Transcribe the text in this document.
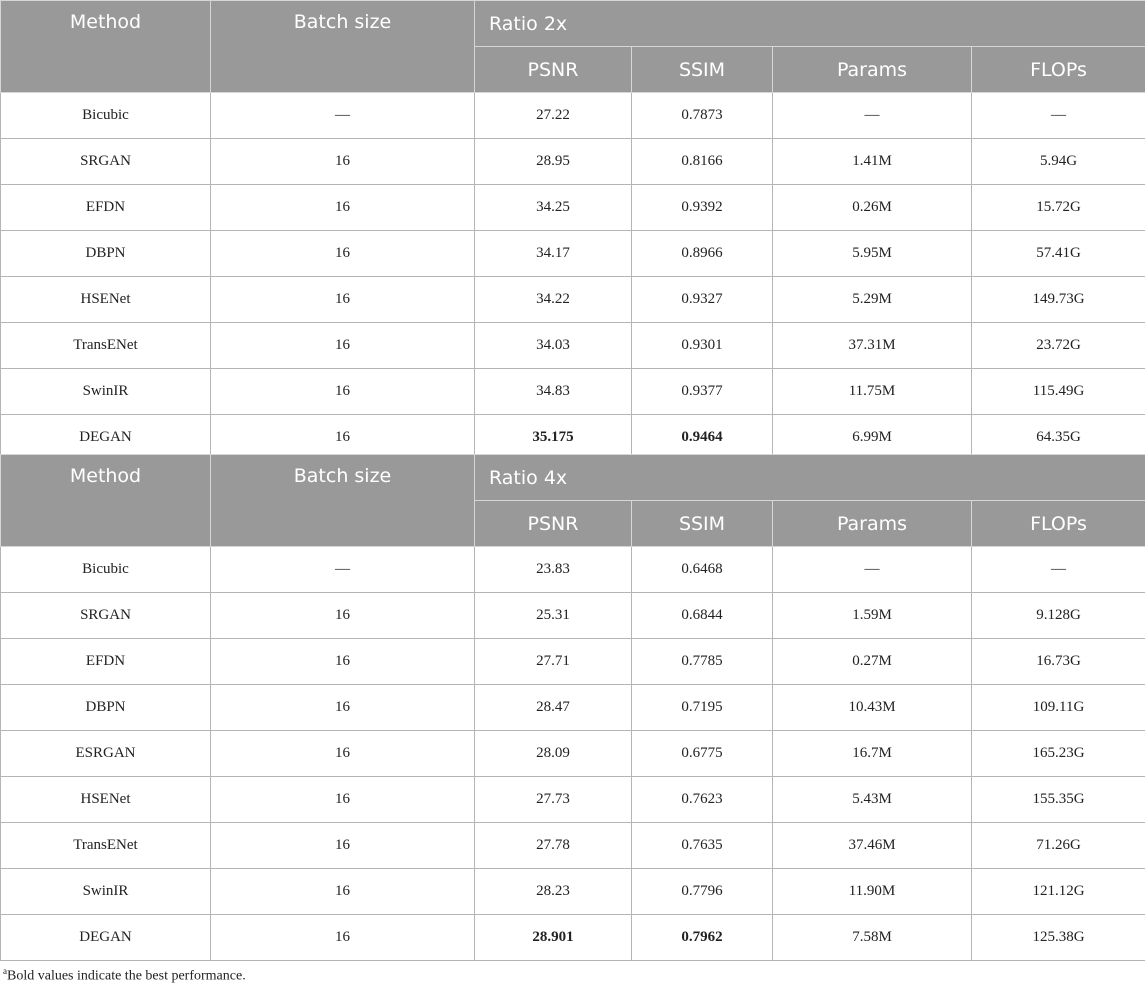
Method	Batch size	Ratio 2x			
		PSNR	SSIM	Params	FLOPs
Bicubic	—	27.22	0.7873	—	—
SRGAN	16	28.95	0.8166	1.41M	5.94G
EFDN	16	34.25	0.9392	0.26M	15.72G
DBPN	16	34.17	0.8966	5.95M	57.41G
HSENet	16	34.22	0.9327	5.29M	149.73G
TransENet	16	34.03	0.9301	37.31M	23.72G
SwinIR	16	34.83	0.9377	11.75M	115.49G
DEGAN	16	35.175	0.9464	6.99M	64.35G
Method	Batch size	Ratio 4x			
		PSNR	SSIM	Params	FLOPs
Bicubic	—	23.83	0.6468	—	—
SRGAN	16	25.31	0.6844	1.59M	9.128G
EFDN	16	27.71	0.7785	0.27M	16.73G
DBPN	16	28.47	0.7195	10.43M	109.11G
ESRGAN	16	28.09	0.6775	16.7M	165.23G
HSENet	16	27.73	0.7623	5.43M	155.35G
TransENet	16	27.78	0.7635	37.46M	71.26G
SwinIR	16	28.23	0.7796	11.90M	121.12G
DEGAN	16	28.901	0.7962	7.58M	125.38G
$^a$Bold values indicate the best performance.
